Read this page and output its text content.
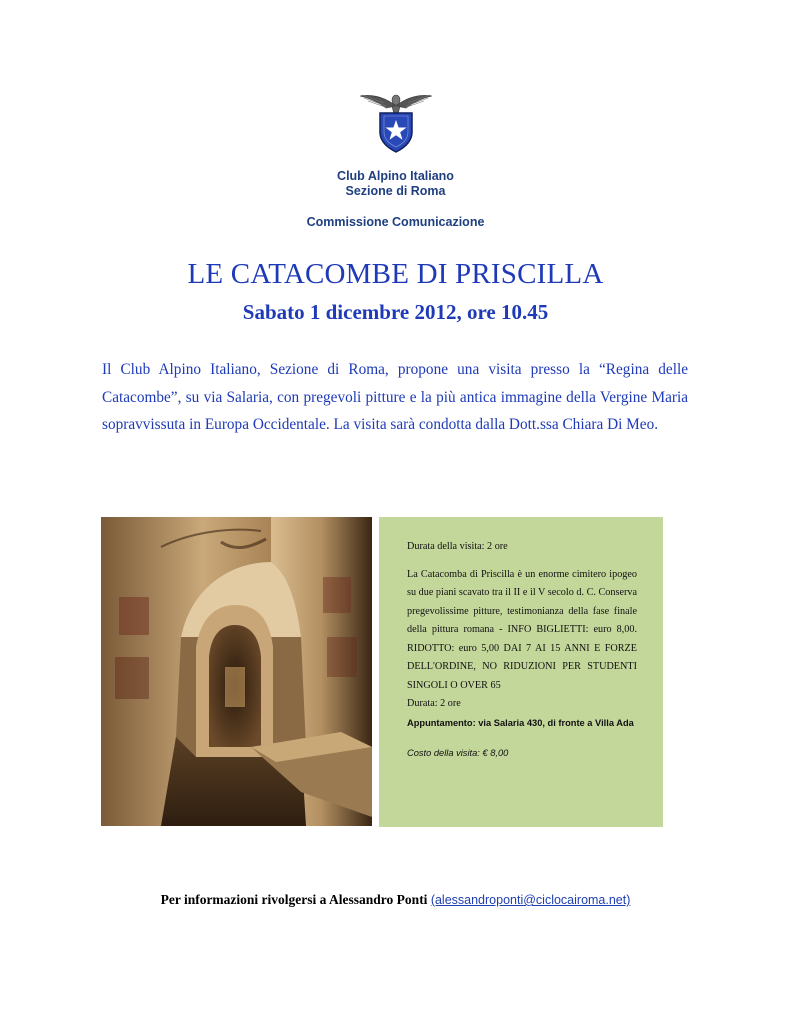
Club Alpino Italiano
Sezione di Roma
Commissione Comunicazione
LE CATACOMBE DI PRISCILLA
Sabato 1 dicembre 2012, ore 10.45
Il Club Alpino Italiano, Sezione di Roma, propone una visita presso la “Regina delle Catacombe”, su via Salaria, con pregevoli pitture e la più antica immagine della Vergine Maria sopravvissuta in Europa Occidentale. La visita sarà condotta dalla Dott.ssa Chiara Di Meo.

Durata della visita: 2 ore

La Catacomba di Priscilla è un enorme cimitero ipogeo su due piani scavato tra il II e il V secolo d. C. Conserva pregevolissime pitture, testimonianza della fase finale della pittura romana - INFO BIGLIETTI: euro 8,00. RIDOTTO: euro 5,00 DAI 7 AI 15 ANNI E FORZE DELL'ORDINE, NO RIDUZIONI PER STUDENTI SINGOLI O OVER 65

Durata: 2 ore

Appuntamento: via Salaria 430, di fronte a Villa Ada

Costo della visita: € 8,00

Per informazioni rivolgersi a Alessandro Ponti (alessandroponti@ciclocairoma.net)
